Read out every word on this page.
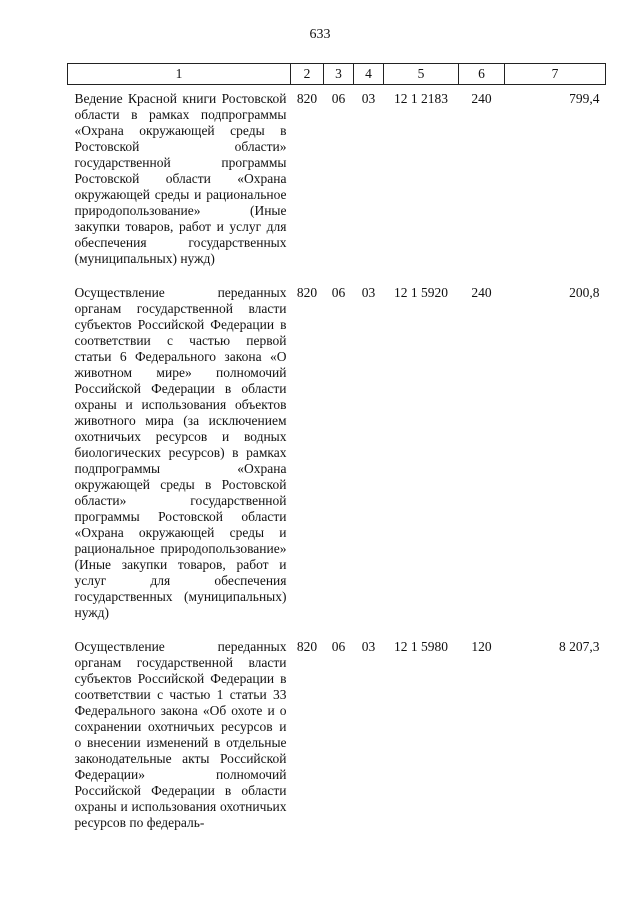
633
1	2	3	4	5	6	7
Ведение Красной книги Ростовской области в рамках подпрограммы «Охрана окружающей среды в Ростовской области» государственной программы Ростовской области «Охрана окружающей среды и рациональное природопользование» (Иные закупки товаров, работ и услуг для обеспечения государственных (муниципальных) нужд)	820	06	03	12 1 2183	240	799,4
Осуществление переданных органам государственной власти субъектов Российской Федерации в соответствии с частью первой статьи 6 Федерального закона «О животном мире» полномочий Российской Федерации в области охраны и использования объектов животного мира (за исключением охотничьих ресурсов и водных биологических ресурсов) в рамках подпрограммы «Охрана окружающей среды в Ростовской области» государственной программы Ростовской области «Охрана окружающей среды и рациональное природопользование» (Иные закупки товаров, работ и услуг для обеспечения государственных (муниципальных) нужд)	820	06	03	12 1 5920	240	200,8
Осуществление переданных органам государственной власти субъектов Российской Федерации в соответствии с частью 1 статьи 33 Федерального закона «Об охоте и о сохранении охотничьих ресурсов и о внесении изменений в отдельные законодательные акты Российской Федерации» полномочий Российской Федерации в области охраны и использования охотничьих ресурсов по федераль-	820	06	03	12 1 5980	120	8 207,3
